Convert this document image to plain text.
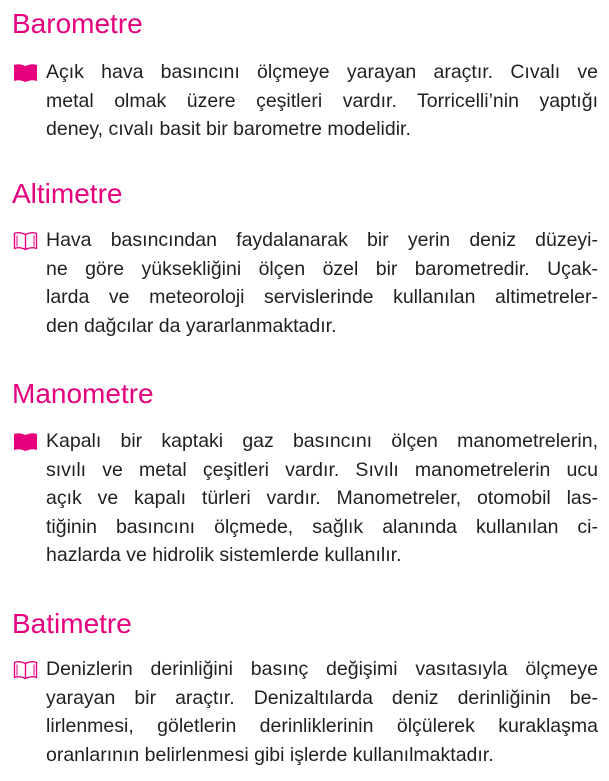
Barometre

Açık hava basıncını ölçmeye yarayan araçtır. Cıvalı ve
metal olmak üzere çeşitleri vardır. Torricelli’nin yaptığı
deney, cıvalı basit bir barometre modelidir.

Altimetre

Hava basıncından faydalanarak bir yerin deniz düzeyi-
ne göre yüksekliğini ölçen özel bir barometredir. Uçak-
larda ve meteoroloji servislerinde kullanılan altimetreler-
den dağcılar da yararlanmaktadır.

Manometre

Kapalı bir kaptaki gaz basıncını ölçen manometrelerin,
sıvılı ve metal çeşitleri vardır. Sıvılı manometrelerin ucu
açık ve kapalı türleri vardır. Manometreler, otomobil las-
tiğinin basıncını ölçmede, sağlık alanında kullanılan ci-
hazlarda ve hidrolik sistemlerde kullanılır.

Batimetre

Denizlerin derinliğini basınç değişimi vasıtasıyla ölçmeye
yarayan bir araçtır. Denizaltılarda deniz derinliğinin be-
lirlenmesi, göletlerin derinliklerinin ölçülerek kuraklaşma
oranlarının belirlenmesi gibi işlerde kullanılmaktadır.
